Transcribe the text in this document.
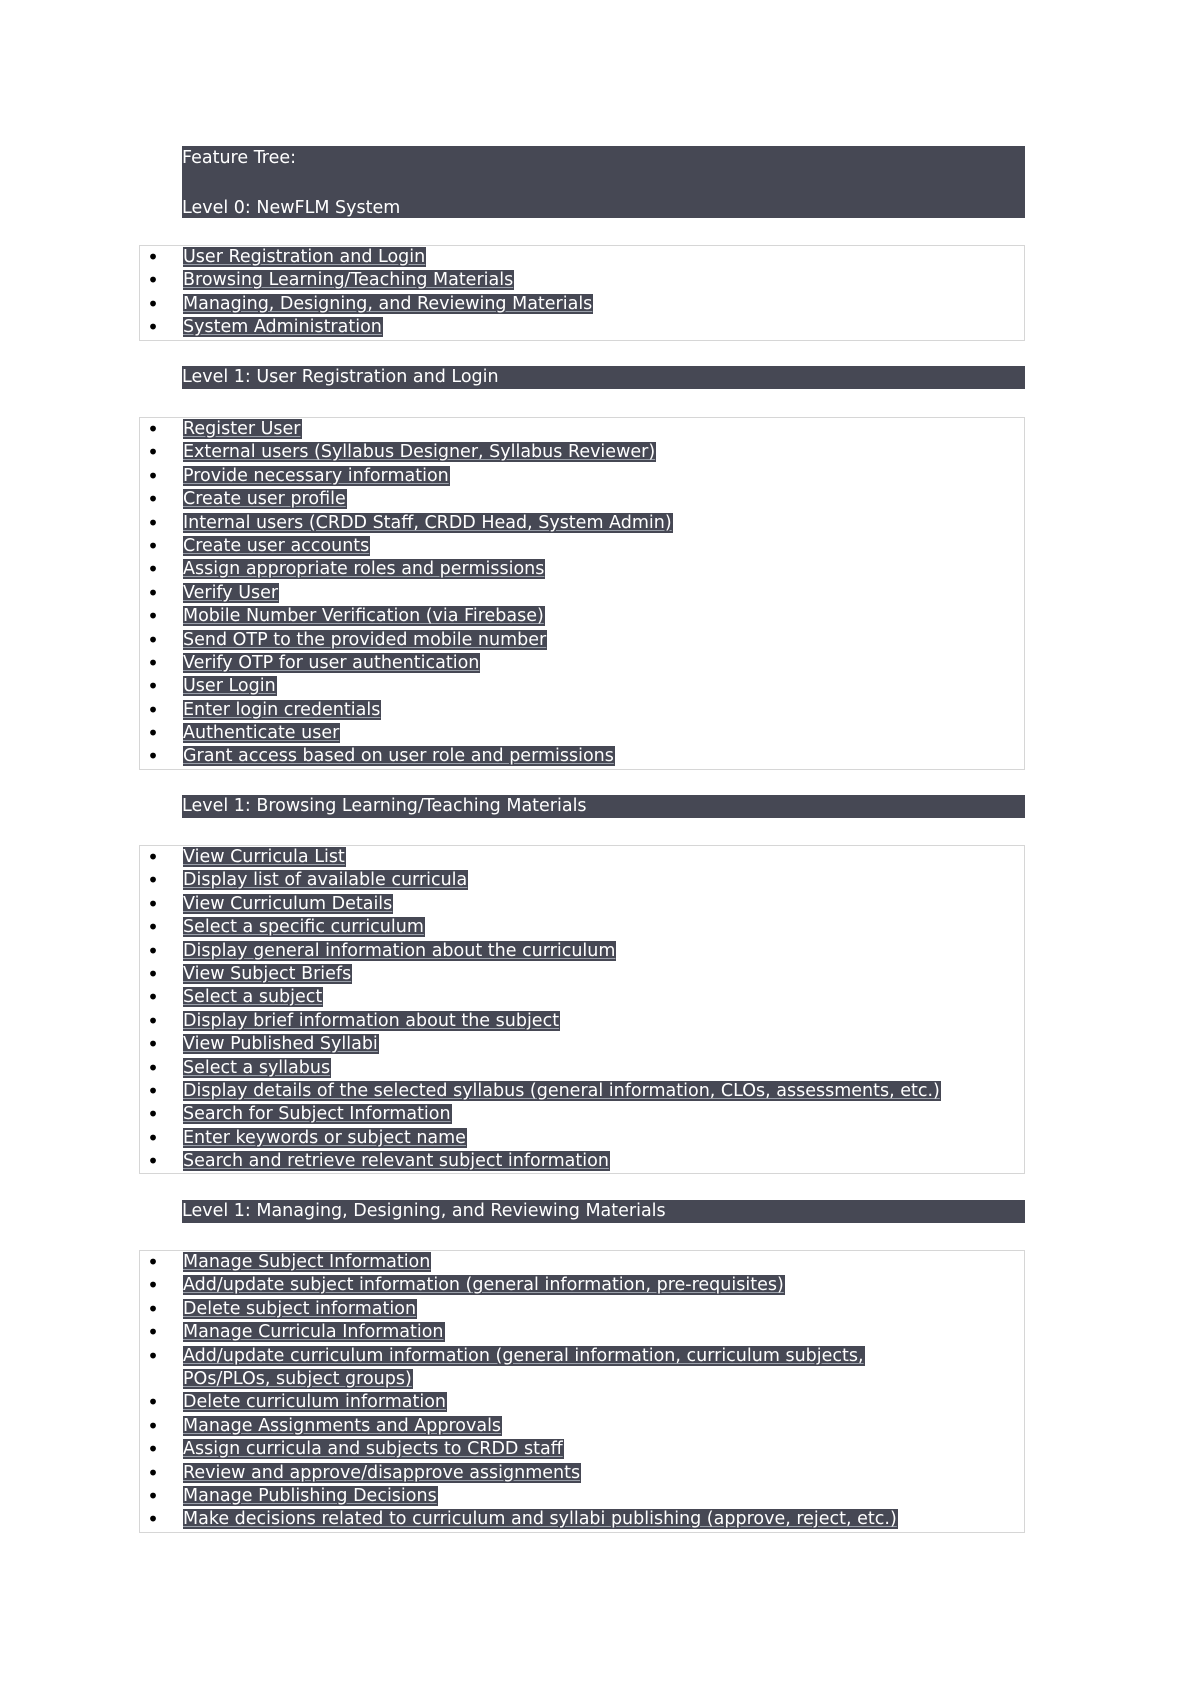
Feature Tree:
Level 0: NewFLM System
• User Registration and Login
• Browsing Learning/Teaching Materials
• Managing, Designing, and Reviewing Materials
• System Administration
Level 1: User Registration and Login
• Register User
• External users (Syllabus Designer, Syllabus Reviewer)
• Provide necessary information
• Create user profile
• Internal users (CRDD Staff, CRDD Head, System Admin)
• Create user accounts
• Assign appropriate roles and permissions
• Verify User
• Mobile Number Verification (via Firebase)
• Send OTP to the provided mobile number
• Verify OTP for user authentication
• User Login
• Enter login credentials
• Authenticate user
• Grant access based on user role and permissions
Level 1: Browsing Learning/Teaching Materials
• View Curricula List
• Display list of available curricula
• View Curriculum Details
• Select a specific curriculum
• Display general information about the curriculum
• View Subject Briefs
• Select a subject
• Display brief information about the subject
• View Published Syllabi
• Select a syllabus
• Display details of the selected syllabus (general information, CLOs, assessments, etc.)
• Search for Subject Information
• Enter keywords or subject name
• Search and retrieve relevant subject information
Level 1: Managing, Designing, and Reviewing Materials
• Manage Subject Information
• Add/update subject information (general information, pre-requisites)
• Delete subject information
• Manage Curricula Information
• Add/update curriculum information (general information, curriculum subjects, POs/PLOs, subject groups)
• Delete curriculum information
• Manage Assignments and Approvals
• Assign curricula and subjects to CRDD staff
• Review and approve/disapprove assignments
• Manage Publishing Decisions
• Make decisions related to curriculum and syllabi publishing (approve, reject, etc.)
